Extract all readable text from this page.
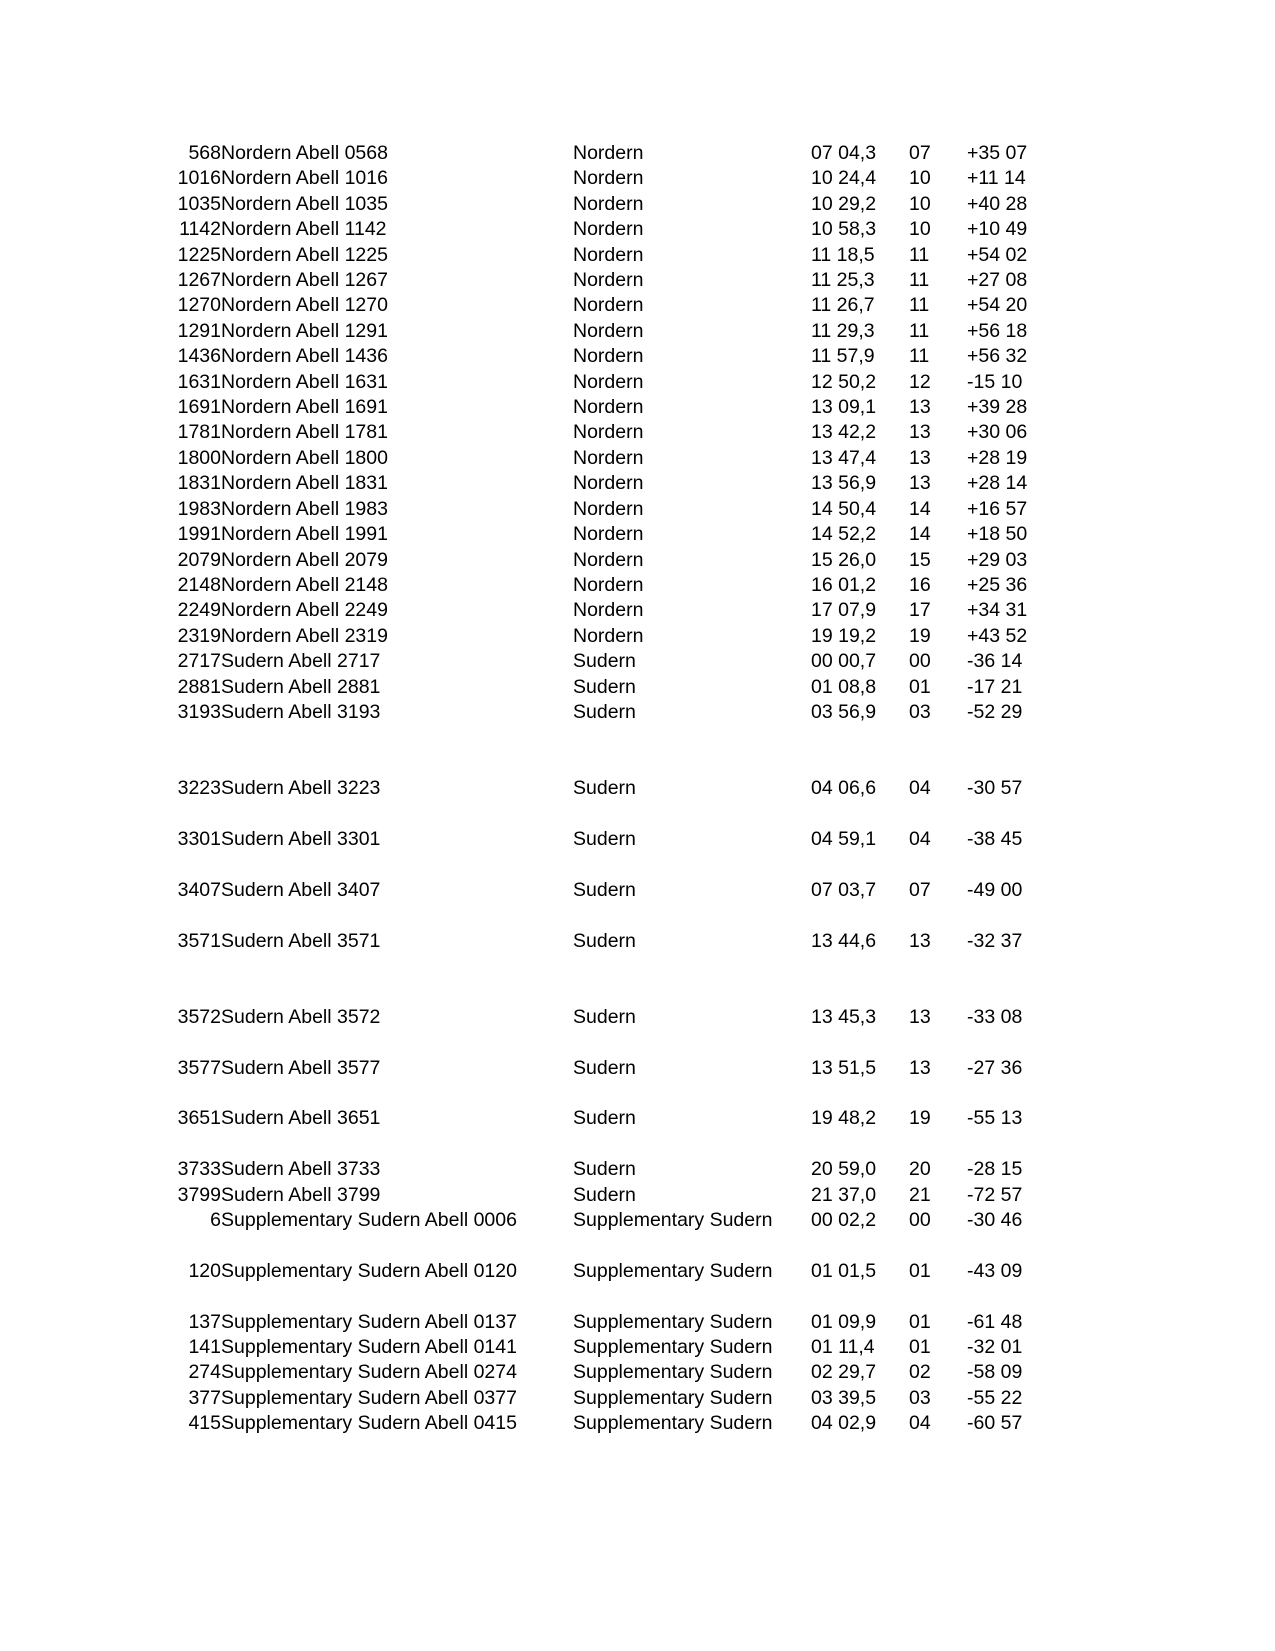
568	Nordern Abell 0568	Nordern	07 04,3	07	+35 07
1016	Nordern Abell 1016	Nordern	10 24,4	10	+11 14
1035	Nordern Abell 1035	Nordern	10 29,2	10	+40 28
1142	Nordern Abell 1142	Nordern	10 58,3	10	+10 49
1225	Nordern Abell 1225	Nordern	11 18,5	11	+54 02
1267	Nordern Abell 1267	Nordern	11 25,3	11	+27 08
1270	Nordern Abell 1270	Nordern	11 26,7	11	+54 20
1291	Nordern Abell 1291	Nordern	11 29,3	11	+56 18
1436	Nordern Abell 1436	Nordern	11 57,9	11	+56 32
1631	Nordern Abell 1631	Nordern	12 50,2	12	-15 10
1691	Nordern Abell 1691	Nordern	13 09,1	13	+39 28
1781	Nordern Abell 1781	Nordern	13 42,2	13	+30 06
1800	Nordern Abell 1800	Nordern	13 47,4	13	+28 19
1831	Nordern Abell 1831	Nordern	13 56,9	13	+28 14
1983	Nordern Abell 1983	Nordern	14 50,4	14	+16 57
1991	Nordern Abell 1991	Nordern	14 52,2	14	+18 50
2079	Nordern Abell 2079	Nordern	15 26,0	15	+29 03
2148	Nordern Abell 2148	Nordern	16 01,2	16	+25 36
2249	Nordern Abell 2249	Nordern	17 07,9	17	+34 31
2319	Nordern Abell 2319	Nordern	19 19,2	19	+43 52
2717	Sudern Abell 2717	Sudern	00 00,7	00	-36 14
2881	Sudern Abell 2881	Sudern	01 08,8	01	-17 21
3193	Sudern Abell 3193	Sudern	03 56,9	03	-52 29

3223	Sudern Abell 3223	Sudern	04 06,6	04	-30 57

3301	Sudern Abell 3301	Sudern	04 59,1	04	-38 45

3407	Sudern Abell 3407	Sudern	07 03,7	07	-49 00

3571	Sudern Abell 3571	Sudern	13 44,6	13	-32 37

3572	Sudern Abell 3572	Sudern	13 45,3	13	-33 08

3577	Sudern Abell 3577	Sudern	13 51,5	13	-27 36

3651	Sudern Abell 3651	Sudern	19 48,2	19	-55 13

3733	Sudern Abell 3733	Sudern	20 59,0	20	-28 15
3799	Sudern Abell 3799	Sudern	21 37,0	21	-72 57
6	Supplementary Sudern Abell 0006	Supplementary Sudern	00 02,2	00	-30 46

120	Supplementary Sudern Abell 0120	Supplementary Sudern	01 01,5	01	-43 09

137	Supplementary Sudern Abell 0137	Supplementary Sudern	01 09,9	01	-61 48
141	Supplementary Sudern Abell 0141	Supplementary Sudern	01 11,4	01	-32 01
274	Supplementary Sudern Abell 0274	Supplementary Sudern	02 29,7	02	-58 09
377	Supplementary Sudern Abell 0377	Supplementary Sudern	03 39,5	03	-55 22
415	Supplementary Sudern Abell 0415	Supplementary Sudern	04 02,9	04	-60 57
